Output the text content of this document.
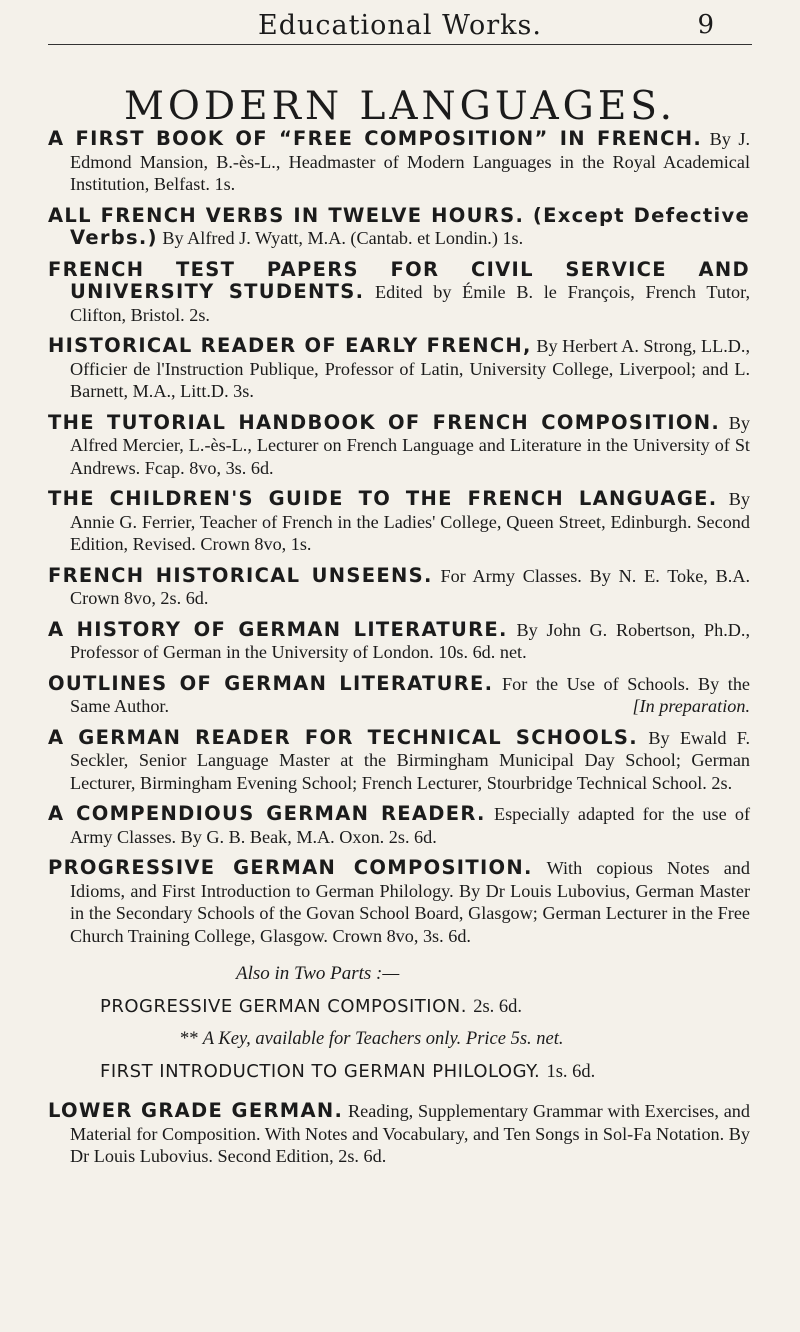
Educational Works.	9
MODERN LANGUAGES.

A FIRST BOOK OF “FREE COMPOSITION” IN FRENCH. By J. Edmond Mansion, B.-ès-L., Headmaster of Modern Languages in the Royal Academical Institution, Belfast. 1s.

ALL FRENCH VERBS IN TWELVE HOURS. (Except Defective Verbs.) By Alfred J. Wyatt, M.A. (Cantab. et Londin.) 1s.

FRENCH TEST PAPERS FOR CIVIL SERVICE AND UNIVERSITY STUDENTS. Edited by Émile B. le François, French Tutor, Clifton, Bristol. 2s.

HISTORICAL READER OF EARLY FRENCH, By Herbert A. Strong, LL.D., Officier de l'Instruction Publique, Professor of Latin, University College, Liverpool; and L. Barnett, M.A., Litt.D. 3s.

THE TUTORIAL HANDBOOK OF FRENCH COMPOSITION. By Alfred Mercier, L.-ès-L., Lecturer on French Language and Literature in the University of St Andrews. Fcap. 8vo, 3s. 6d.

THE CHILDREN'S GUIDE TO THE FRENCH LANGUAGE. By Annie G. Ferrier, Teacher of French in the Ladies' College, Queen Street, Edinburgh. Second Edition, Revised. Crown 8vo, 1s.

FRENCH HISTORICAL UNSEENS. For Army Classes. By N. E. Toke, B.A. Crown 8vo, 2s. 6d.

A HISTORY OF GERMAN LITERATURE. By John G. Robertson, Ph.D., Professor of German in the University of London. 10s. 6d. net.

OUTLINES OF GERMAN LITERATURE. For the Use of Schools. By the Same Author.	[In preparation.

A GERMAN READER FOR TECHNICAL SCHOOLS. By Ewald F. Seckler, Senior Language Master at the Birmingham Municipal Day School; German Lecturer, Birmingham Evening School; French Lecturer, Stourbridge Technical School. 2s.

A COMPENDIOUS GERMAN READER. Especially adapted for the use of Army Classes. By G. B. Beak, M.A. Oxon. 2s. 6d.

PROGRESSIVE GERMAN COMPOSITION. With copious Notes and Idioms, and First Introduction to German Philology. By Dr Louis Lubovius, German Master in the Secondary Schools of the Govan School Board, Glasgow; German Lecturer in the Free Church Training College, Glasgow. Crown 8vo, 3s. 6d.

Also in Two Parts :—
PROGRESSIVE GERMAN COMPOSITION. 2s. 6d.
*⁤* A Key, available for Teachers only. Price 5s. net.
FIRST INTRODUCTION TO GERMAN PHILOLOGY. 1s. 6d.

LOWER GRADE GERMAN. Reading, Supplementary Grammar with Exercises, and Material for Composition. With Notes and Vocabulary, and Ten Songs in Sol-Fa Notation. By Dr Louis Lubovius. Second Edition, 2s. 6d.
